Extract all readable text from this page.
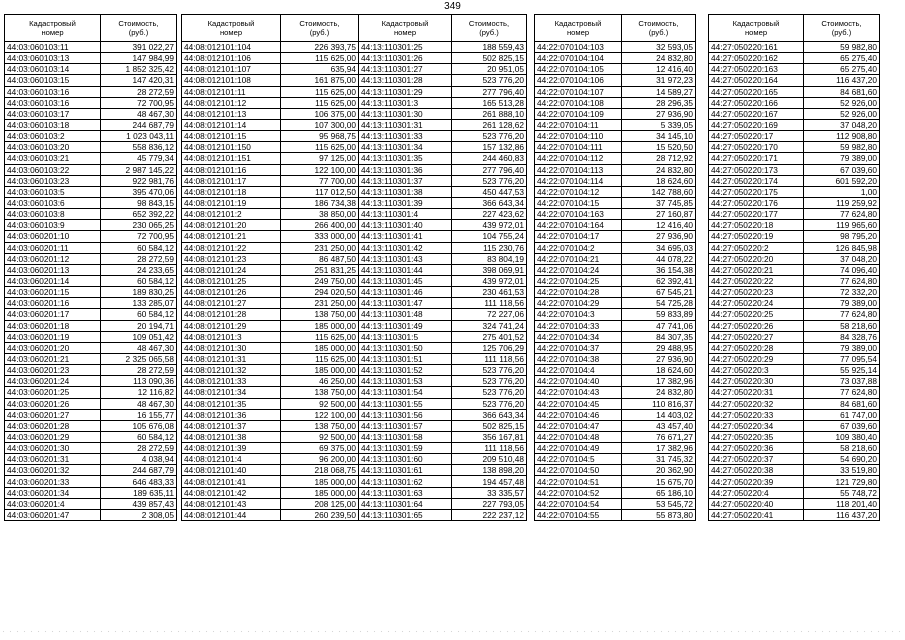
349
Кадастровый
номер	Стоимость,
(руб.)

44:03:060103:11	391 022,27
44:03:060103:13	147 984,99
44:03:060103:14	1 852 325,42
44:03:060103:15	147 420,31
44:03:060103:16	28 272,59
44:03:060103:16	72 700,95
44:03:060103:17	48 467,30
44:03:060103:18	244 687,79
44:03:060103:2	1 023 043,11
44:03:060103:20	558 836,12
44:03:060103:21	45 779,34
44:03:060103:22	2 987 145,22
44:03:060103:23	922 981,76
44:03:060103:5	395 470,06
44:03:060103:6	98 843,15
44:03:060103:8	652 392,22
44:03:060103:9	230 065,25
44:03:060201:10	72 700,95
44:03:060201:11	60 584,12
44:03:060201:12	28 272,59
44:03:060201:13	24 233,65
44:03:060201:14	60 584,12
44:03:060201:15	189 830,25
44:03:060201:16	133 285,07
44:03:060201:17	60 584,12
44:03:060201:18	20 194,71
44:03:060201:19	109 051,42
44:03:060201:20	48 467,30
44:03:060201:21	2 325 065,58
44:03:060201:23	28 272,59
44:03:060201:24	113 090,36
44:03:060201:25	12 116,82
44:03:060201:26	48 467,30
44:03:060201:27	16 155,77
44:03:060201:28	105 676,08
44:03:060201:29	60 584,12
44:03:060201:30	28 272,59
44:03:060201:31	4 038,94
44:03:060201:32	244 687,79
44:03:060201:33	646 483,33
44:03:060201:34	189 635,11
44:03:060201:4	439 857,43
44:03:060201:47	2 308,05
Кадастровый
номер	Стоимость,
(руб.)

44:08:012101:104	226 393,75
44:08:012101:106	115 625,00
44:08:012101:107	635,94
44:08:012101:108	161 875,00
44:08:012101:11	115 625,00
44:08:012101:12	115 625,00
44:08:012101:13	106 375,00
44:08:012101:14	107 300,00
44:08:012101:15	95 968,75
44:08:012101:150	115 625,00
44:08:012101:151	97 125,00
44:08:012101:16	122 100,00
44:08:012101:17	77 700,00
44:08:012101:18	117 012,50
44:08:012101:19	186 734,38
44:08:012101:2	38 850,00
44:08:012101:20	266 400,00
44:08:012101:21	333 000,00
44:08:012101:22	231 250,00
44:08:012101:23	86 487,50
44:08:012101:24	251 831,25
44:08:012101:25	249 750,00
44:08:012101:26	294 020,50
44:08:012101:27	231 250,00
44:08:012101:28	138 750,00
44:08:012101:29	185 000,00
44:08:012101:3	115 625,00
44:08:012101:30	185 000,00
44:08:012101:31	115 625,00
44:08:012101:32	185 000,00
44:08:012101:33	46 250,00
44:08:012101:34	138 750,00
44:08:012101:35	92 500,00
44:08:012101:36	122 100,00
44:08:012101:37	138 750,00
44:08:012101:38	92 500,00
44:08:012101:39	69 375,00
44:08:012101:4	96 200,00
44:08:012101:40	218 068,75
44:08:012101:41	185 000,00
44:08:012101:42	185 000,00
44:08:012101:43	208 125,00
44:08:012101:44	260 239,50
Кадастровый
номер	Стоимость,
(руб.)

44:13:110301:25	188 559,43
44:13:110301:26	502 825,15
44:13:110301:27	20 951,05
44:13:110301:28	523 776,20
44:13:110301:29	277 796,40
44:13:110301:3	165 513,28
44:13:110301:30	261 888,10
44:13:110301:31	261 128,62
44:13:110301:33	523 776,20
44:13:110301:34	157 132,86
44:13:110301:35	244 460,83
44:13:110301:36	277 796,40
44:13:110301:37	523 776,20
44:13:110301:38	450 447,53
44:13:110301:39	366 643,34
44:13:110301:4	227 423,62
44:13:110301:40	439 972,01
44:13:110301:41	104 755,24
44:13:110301:42	115 230,76
44:13:110301:43	83 804,19
44:13:110301:44	398 069,91
44:13:110301:45	439 972,01
44:13:110301:46	230 461,53
44:13:110301:47	111 118,56
44:13:110301:48	72 227,06
44:13:110301:49	324 741,24
44:13:110301:5	275 401,52
44:13:110301:50	125 706,29
44:13:110301:51	111 118,56
44:13:110301:52	523 776,20
44:13:110301:53	523 776,20
44:13:110301:54	523 776,20
44:13:110301:55	523 776,20
44:13:110301:56	366 643,34
44:13:110301:57	502 825,15
44:13:110301:58	356 167,81
44:13:110301:59	111 118,56
44:13:110301:60	209 510,48
44:13:110301:61	138 898,20
44:13:110301:62	194 457,48
44:13:110301:63	33 335,57
44:13:110301:64	227 793,05
44:13:110301:65	222 237,12
Кадастровый
номер	Стоимость,
(руб.)

44:22:070104:103	32 593,05
44:22:070104:104	24 832,80
44:22:070104:105	12 416,40
44:22:070104:106	31 972,23
44:22:070104:107	14 589,27
44:22:070104:108	28 296,35
44:22:070104:109	27 936,90
44:22:070104:11	5 339,05
44:22:070104:110	34 145,10
44:22:070104:111	15 520,50
44:22:070104:112	28 712,92
44:22:070104:113	24 832,80
44:22:070104:114	18 624,60
44:22:070104:12	142 788,60
44:22:070104:15	37 745,85
44:22:070104:163	27 160,87
44:22:070104:164	12 416,40
44:22:070104:17	27 936,90
44:22:070104:2	34 695,03
44:22:070104:21	44 078,22
44:22:070104:24	36 154,38
44:22:070104:25	62 392,41
44:22:070104:28	67 545,21
44:22:070104:29	54 725,28
44:22:070104:3	59 833,89
44:22:070104:33	47 741,06
44:22:070104:34	84 307,35
44:22:070104:37	29 488,95
44:22:070104:38	27 936,90
44:22:070104:4	18 624,60
44:22:070104:40	17 382,96
44:22:070104:43	24 832,80
44:22:070104:45	110 816,37
44:22:070104:46	14 403,02
44:22:070104:47	43 457,40
44:22:070104:48	76 671,27
44:22:070104:49	17 382,96
44:22:070104:5	31 745,32
44:22:070104:50	20 362,90
44:22:070104:51	15 675,70
44:22:070104:52	65 186,10
44:22:070104:54	53 545,72
44:22:070104:55	55 873,80
Кадастровый
номер	Стоимость,
(руб.)

44:27:050220:161	59 982,80
44:27:050220:162	65 275,40
44:27:050220:163	65 275,40
44:27:050220:164	116 437,20
44:27:050220:165	84 681,60
44:27:050220:166	52 926,00
44:27:050220:167	52 926,00
44:27:050220:169	37 048,20
44:27:050220:17	112 908,80
44:27:050220:170	59 982,80
44:27:050220:171	79 389,00
44:27:050220:173	67 039,60
44:27:050220:174	601 592,20
44:27:050220:175	1,00
44:27:050220:176	119 259,92
44:27:050220:177	77 624,80
44:27:050220:18	119 965,60
44:27:050220:19	98 795,20
44:27:050220:2	126 845,98
44:27:050220:20	37 048,20
44:27:050220:21	74 096,40
44:27:050220:22	77 624,80
44:27:050220:23	72 332,20
44:27:050220:24	79 389,00
44:27:050220:25	77 624,80
44:27:050220:26	58 218,60
44:27:050220:27	84 328,76
44:27:050220:28	79 389,00
44:27:050220:29	77 095,54
44:27:050220:3	55 925,14
44:27:050220:30	73 037,88
44:27:050220:31	77 624,80
44:27:050220:32	84 681,60
44:27:050220:33	61 747,00
44:27:050220:34	67 039,60
44:27:050220:35	109 380,40
44:27:050220:36	58 218,60
44:27:050220:37	54 690,20
44:27:050220:38	33 519,80
44:27:050220:39	121 729,80
44:27:050220:4	55 748,72
44:27:050220:40	118 201,40
44:27:050220:41	116 437,20
